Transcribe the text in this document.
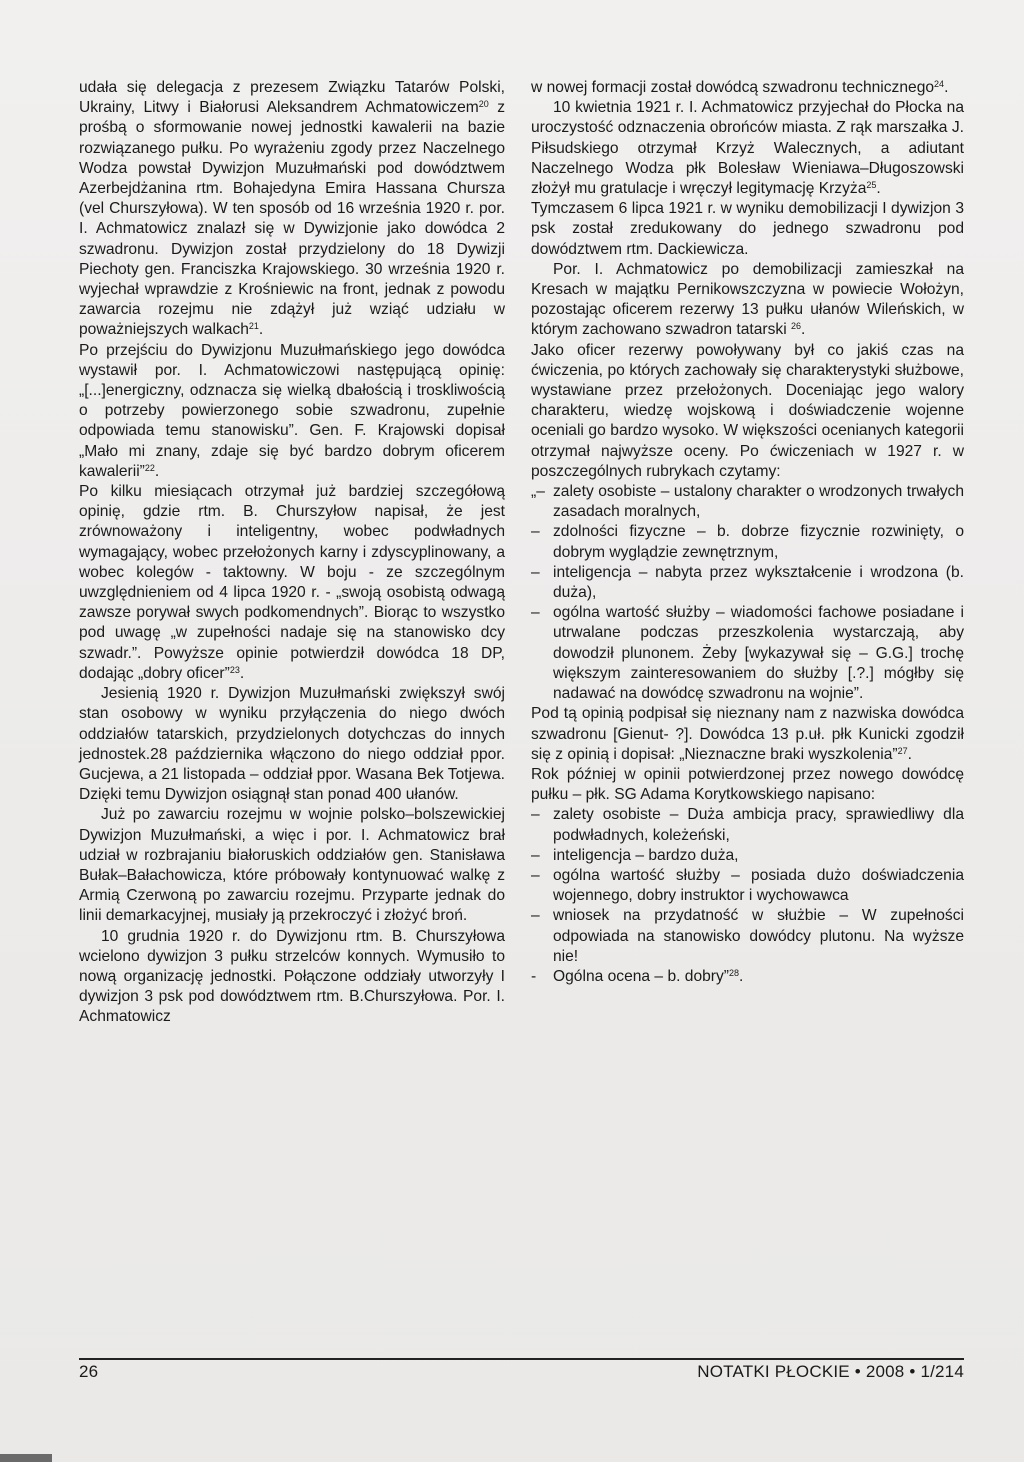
udała się delegacja z prezesem Związku Tatarów Polski, Ukrainy, Litwy i Białorusi Aleksandrem Achmatowiczem$^{20}$ z prośbą o sformowanie nowej jednostki kawalerii na bazie rozwiązanego pułku. Po wyrażeniu zgody przez Naczelnego Wodza powstał Dywizjon Muzułmański pod dowództwem Azerbejdżanina rtm. Bohajedyna Emira Hassana Chursza (vel Churszyłowa). W ten sposób od 16 września 1920 r. por. I. Achmatowicz znalazł się w Dywizjonie jako dowódca 2 szwadronu. Dywizjon został przydzielony do 18 Dywizji Piechoty gen. Franciszka Krajowskiego. 30 września 1920 r. wyjechał wprawdzie z Krośniewic na front, jednak z powodu zawarcia rozejmu nie zdążył już wziąć udziału w poważniejszych walkach$^{21}$.

Po przejściu do Dywizjonu Muzułmańskiego jego dowódca wystawił por. I. Achmatowiczowi następującą opinię: „[...]energiczny, odznacza się wielką dbałością i troskliwością o potrzeby powierzonego sobie szwadronu, zupełnie odpowiada temu stanowisku”. Gen. F. Krajowski dopisał „Mało mi znany, zdaje się być bardzo dobrym oficerem kawalerii”$^{22}$.

Po kilku miesiącach otrzymał już bardziej szczegółową opinię, gdzie rtm. B. Churszyłow napisał, że jest zrównoważony i inteligentny, wobec podwładnych wymagający, wobec przełożonych karny i zdyscyplinowany, a wobec kolegów - taktowny. W boju - ze szczególnym uwzględnieniem od 4 lipca 1920 r. - „swoją osobistą odwagą zawsze porywał swych podkomendnych”. Biorąc to wszystko pod uwagę „w zupełności nadaje się na stanowisko dcy szwadr.”. Powyższe opinie potwierdził dowódca 18 DP, dodając „dobry oficer”$^{23}$.

Jesienią 1920 r. Dywizjon Muzułmański zwiększył swój stan osobowy w wyniku przyłączenia do niego dwóch oddziałów tatarskich, przydzielonych dotychczas do innych jednostek.28 października włączono do niego oddział ppor. Gucjewa, a 21 listopada – oddział ppor. Wasana Bek Totjewa. Dzięki temu Dywizjon osiągnął stan ponad 400 ułanów.

Już po zawarciu rozejmu w wojnie polsko–bolszewickiej Dywizjon Muzułmański, a więc i por. I. Achmatowicz brał udział w rozbrajaniu białoruskich oddziałów gen. Stanisława Bułak–Bałachowicza, które próbowały kontynuować walkę z Armią Czerwoną po zawarciu rozejmu. Przyparte jednak do linii demarkacyjnej, musiały ją przekroczyć i złożyć broń.

10 grudnia 1920 r. do Dywizjonu rtm. B. Churszyłowa wcielono dywizjon 3 pułku strzelców konnych. Wymusiło to nową organizację jednostki. Połączone oddziały utworzyły I dywizjon 3 psk pod dowództwem rtm. B.Churszyłowa. Por. I. Achmatowicz

w nowej formacji został dowódcą szwadronu technicznego$^{24}$.

10 kwietnia 1921 r. I. Achmatowicz przyjechał do Płocka na uroczystość odznaczenia obrońców miasta. Z rąk marszałka J. Piłsudskiego otrzymał Krzyż Walecznych, a adiutant Naczelnego Wodza płk Bolesław Wieniawa–Długoszowski złożył mu gratulacje i wręczył legitymację Krzyża$^{25}$.

Tymczasem 6 lipca 1921 r. w wyniku demobilizacji I dywizjon 3 psk został zredukowany do jednego szwadronu pod dowództwem rtm. Dackiewicza.

Por. I. Achmatowicz po demobilizacji zamieszkał na Kresach w majątku Pernikowszczyzna w powiecie Wołożyn, pozostając oficerem rezerwy 13 pułku ułanów Wileńskich, w którym zachowano szwadron tatarski $^{26}$.

Jako oficer rezerwy powoływany był co jakiś czas na ćwiczenia, po których zachowały się charakterystyki służbowe, wystawiane przez przełożonych. Doceniając jego walory charakteru, wiedzę wojskową i doświadczenie wojenne oceniali go bardzo wysoko. W większości ocenianych kategorii otrzymał najwyższe oceny. Po ćwiczeniach w 1927 r. w poszczególnych rubrykach czytamy:

„– zalety osobiste – ustalony charakter o wrodzonych trwałych zasadach moralnych,

– zdolności fizyczne – b. dobrze fizycznie rozwinięty, o dobrym wyglądzie zewnętrznym,

– inteligencja – nabyta przez wykształcenie i wrodzona (b. duża),

– ogólna wartość służby – wiadomości fachowe posiadane i utrwalane podczas przeszkolenia wystarczają, aby dowodził plunonem. Żeby [wykazywał się – G.G.] trochę większym zainteresowaniem do służby [.?.] mógłby się nadawać na dowódcę szwadronu na wojnie”.

Pod tą opinią podpisał się nieznany nam z nazwiska dowódca szwadronu [Gienut- ?]. Dowódca 13 p.uł. płk Kunicki zgodził się z opinią i dopisał: „Nieznaczne braki wyszkolenia”$^{27}$.

Rok później w opinii potwierdzonej przez nowego dowódcę pułku – płk. SG Adama Korytkowskiego napisano:

– zalety osobiste – Duża ambicja pracy, sprawiedliwy dla podwładnych, koleżeński,

– inteligencja – bardzo duża,

– ogólna wartość służby – posiada dużo doświadczenia wojennego, dobry instruktor i wychowawca

– wniosek na przydatność w służbie – W zupełności odpowiada na stanowisko dowódcy plutonu. Na wyższe nie!

- Ogólna ocena – b. dobry”$^{28}$.

26	NOTATKI PŁOCKIE • 2008 • 1/214
